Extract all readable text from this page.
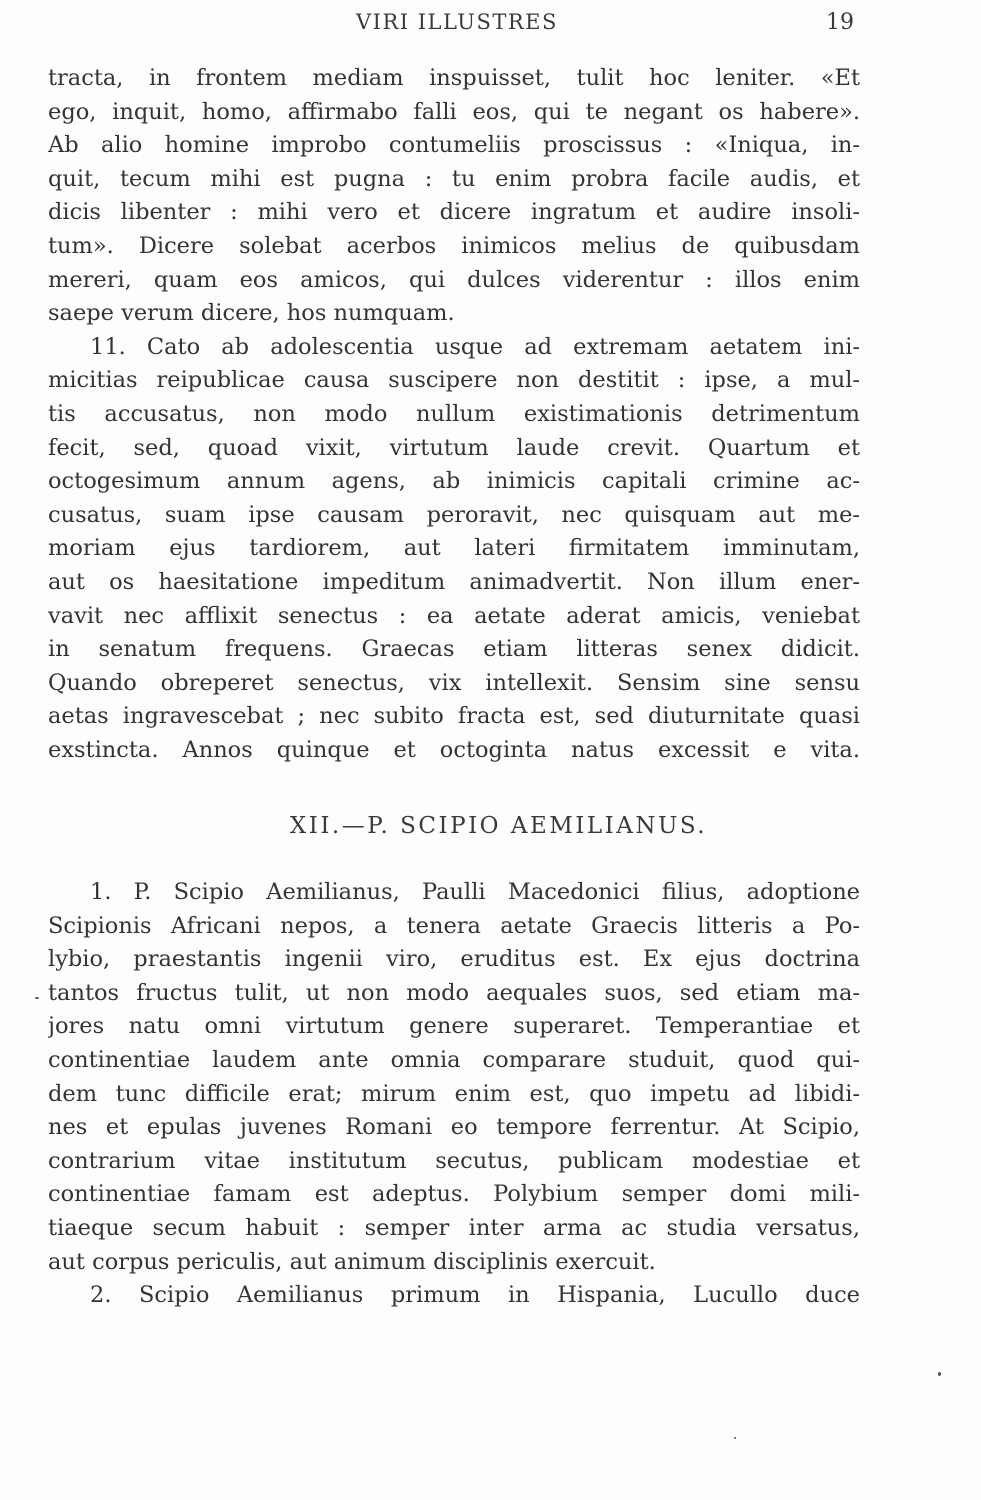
VIRI ILLUSTRES	19
tracta, in frontem mediam inspuisset, tulit hoc leniter. «Et
ego, inquit, homo, affirmabo falli eos, qui te negant os habere».
Ab alio homine improbo contumeliis proscissus : «Iniqua, in-
quit, tecum mihi est pugna : tu enim probra facile audis, et
dicis libenter : mihi vero et dicere ingratum et audire insoli-
tum». Dicere solebat acerbos inimicos melius de quibusdam
mereri, quam eos amicos, qui dulces viderentur : illos enim
saepe verum dicere, hos numquam.
11. Cato ab adolescentia usque ad extremam aetatem ini-
micitias reipublicae causa suscipere non destitit : ipse, a mul-
tis accusatus, non modo nullum existimationis detrimentum
fecit, sed, quoad vixit, virtutum laude crevit. Quartum et
octogesimum annum agens, ab inimicis capitali crimine ac-
cusatus, suam ipse causam peroravit, nec quisquam aut me-
moriam ejus tardiorem, aut lateri firmitatem imminutam,
aut os haesitatione impeditum animadvertit. Non illum ener-
vavit nec afflixit senectus : ea aetate aderat amicis, veniebat
in senatum frequens. Graecas etiam litteras senex didicit.
Quando obreperet senectus, vix intellexit. Sensim sine sensu
aetas ingravescebat ; nec subito fracta est, sed diuturnitate quasi
exstincta. Annos quinque et octoginta natus excessit e vita.
XII.—P. SCIPIO AEMILIANUS.
1. P. Scipio Aemilianus, Paulli Macedonici filius, adoptione
Scipionis Africani nepos, a tenera aetate Graecis litteris a Po-
lybio, praestantis ingenii viro, eruditus est. Ex ejus doctrina
tantos fructus tulit, ut non modo aequales suos, sed etiam ma-
jores natu omni virtutum genere superaret. Temperantiae et
continentiae laudem ante omnia comparare studuit, quod qui-
dem tunc difficile erat; mirum enim est, quo impetu ad libidi-
nes et epulas juvenes Romani eo tempore ferrentur. At Scipio,
contrarium vitae institutum secutus, publicam modestiae et
continentiae famam est adeptus. Polybium semper domi mili-
tiaeque secum habuit : semper inter arma ac studia versatus,
aut corpus periculis, aut animum disciplinis exercuit.
2. Scipio Aemilianus primum in Hispania, Lucullo duce
